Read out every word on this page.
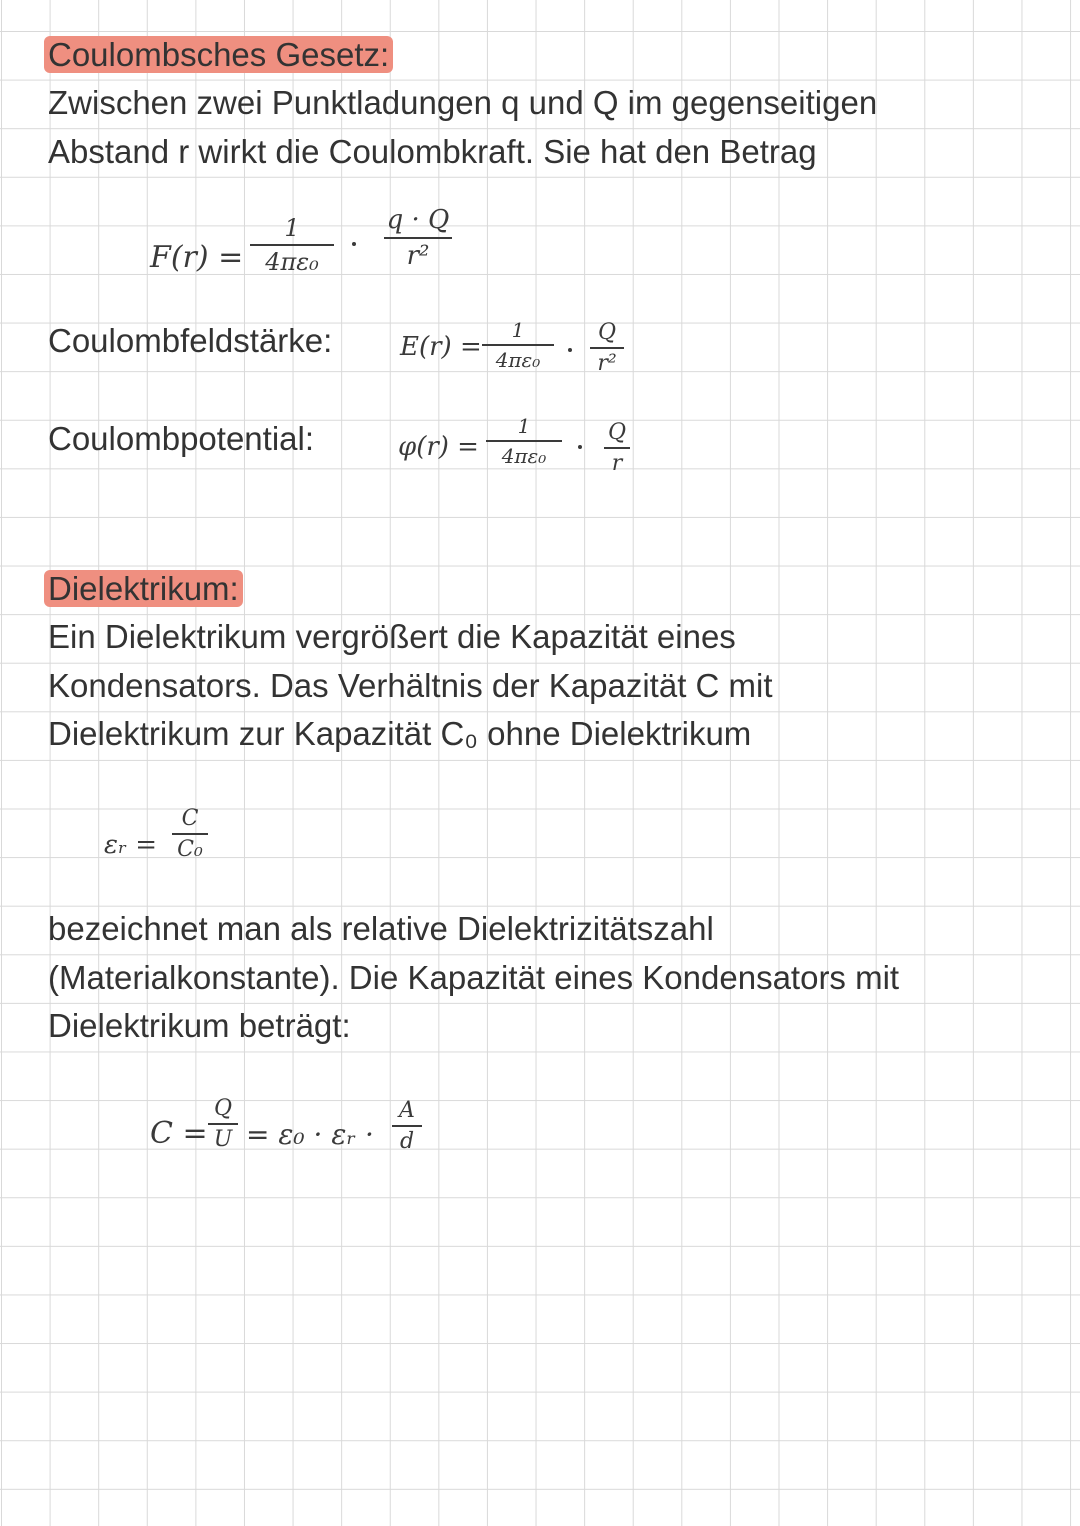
Coulombsches Gesetz:
Zwischen zwei Punktladungen q und Q im gegenseitigen
Abstand r wirkt die Coulombkraft. Sie hat den Betrag
F(r) =
1
4πε₀
q · Q
r²
Coulombfeldstärke:	E(r) =
1
4πε₀
Q
r²
Coulombpotential:	φ(r) =
1
4πε₀
Q
r
Dielektrikum:
Ein Dielektrikum vergrößert die Kapazität eines
Kondensators. Das Verhältnis der Kapazität C mit
Dielektrikum zur Kapazität C₀ ohne Dielektrikum
εᵣ =
C
C₀
bezeichnet man als relative Dielektrizitätszahl
(Materialkonstante). Die Kapazität eines Kondensators mit
Dielektrikum beträgt:
C =
Q
U = ε₀ · εᵣ ·
A
d
